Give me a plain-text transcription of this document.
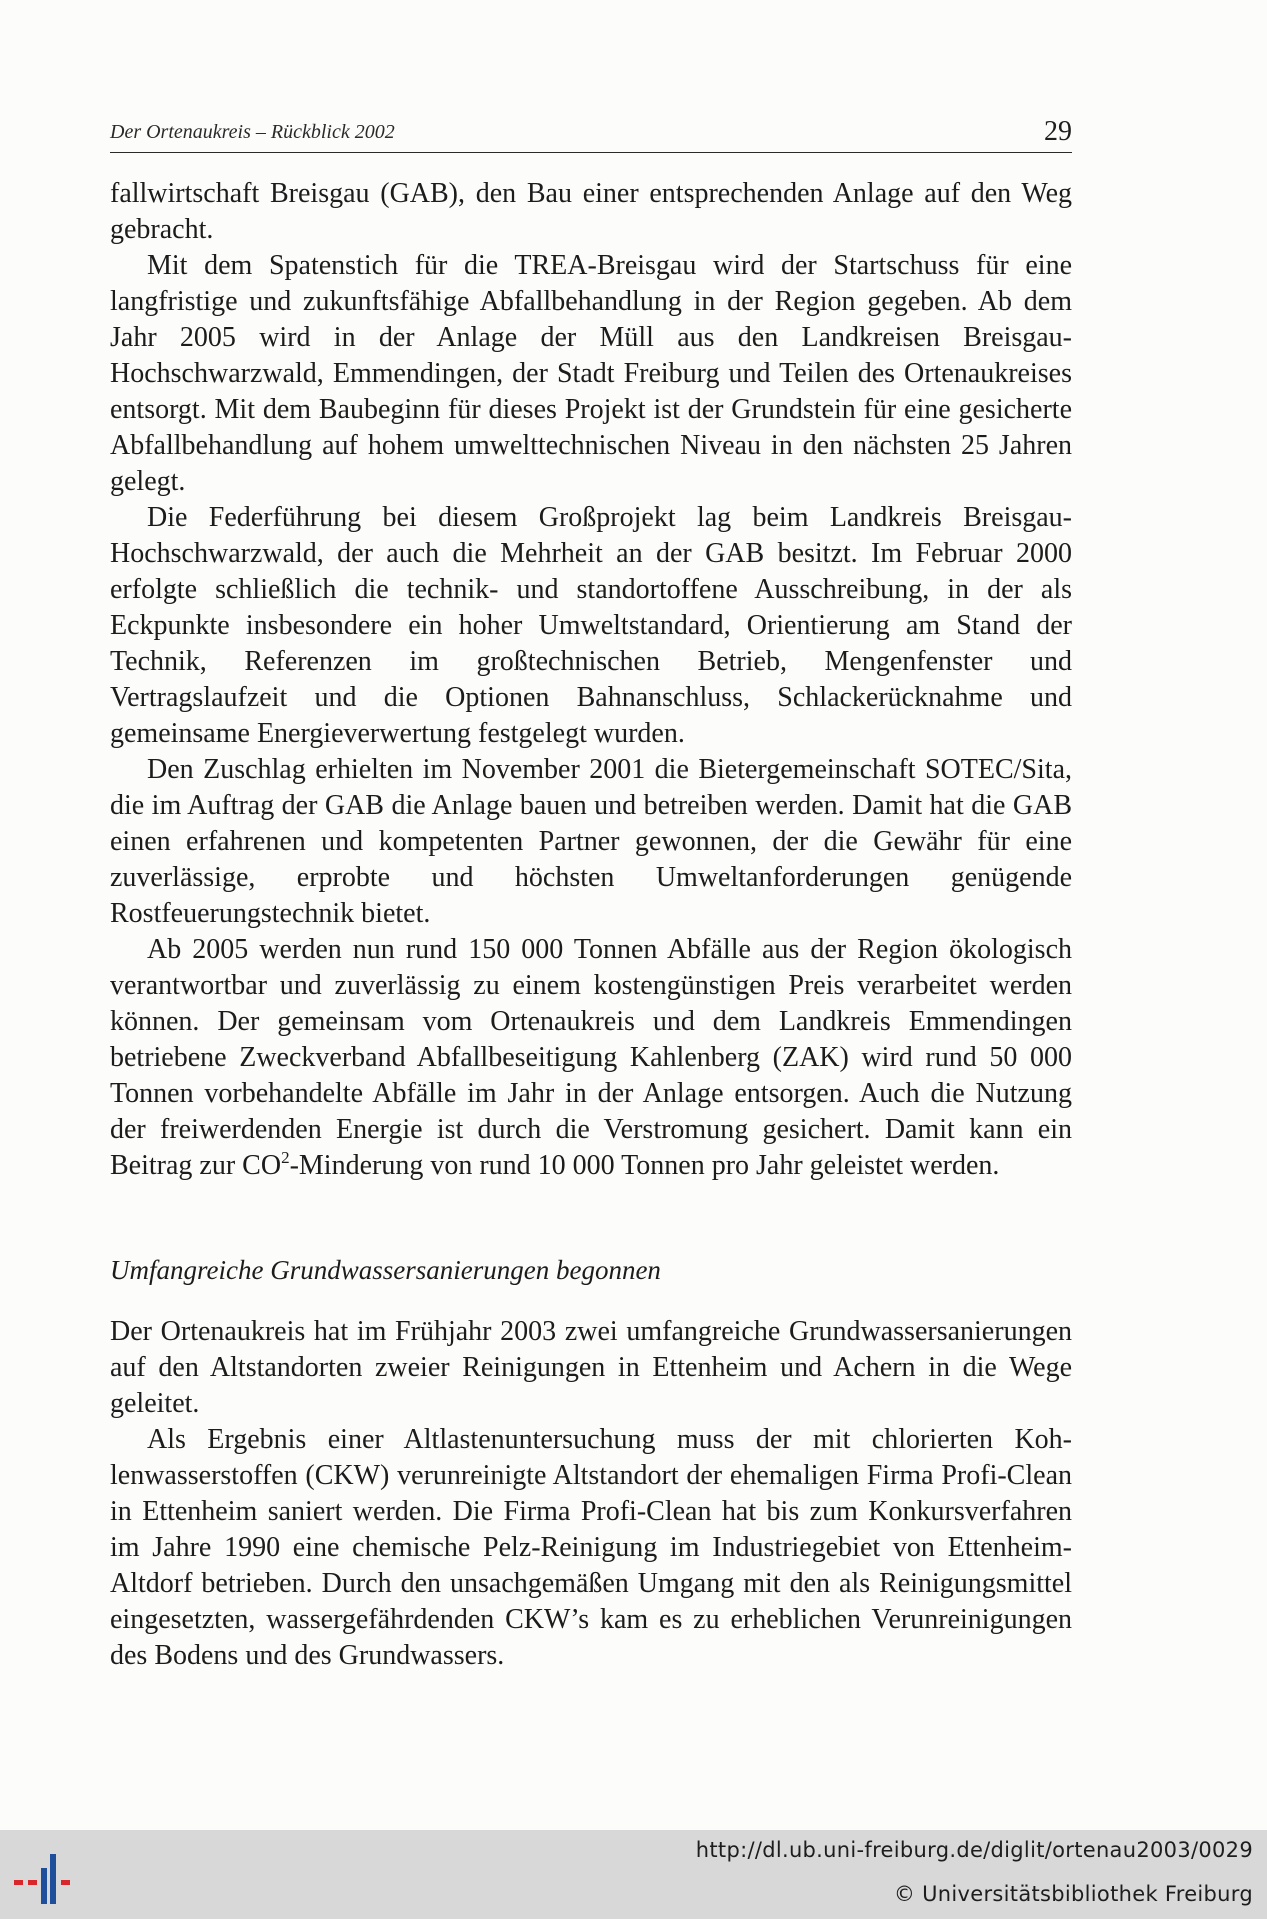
Der Ortenaukreis – Rückblick 2002	29

fallwirtschaft Breisgau (GAB), den Bau einer entsprechenden Anlage auf den Weg gebracht.

Mit dem Spatenstich für die TREA-Breisgau wird der Startschuss für eine langfristige und zukunftsfähige Abfallbehandlung in der Region gegeben. Ab dem Jahr 2005 wird in der Anlage der Müll aus den Landkreisen Breisgau-Hochschwarzwald, Emmendingen, der Stadt Freiburg und Teilen des Ortenaukreises entsorgt. Mit dem Baubeginn für dieses Projekt ist der Grundstein für eine gesicherte Abfallbehandlung auf hohem umwelttechnischen Niveau in den nächsten 25 Jahren gelegt.

Die Federführung bei diesem Großprojekt lag beim Landkreis Breisgau-Hochschwarzwald, der auch die Mehrheit an der GAB besitzt. Im Februar 2000 erfolgte schließlich die technik- und standortoffene Ausschreibung, in der als Eckpunkte insbesondere ein hoher Umweltstandard, Orientierung am Stand der Technik, Referenzen im großtechnischen Betrieb, Mengenfenster und Vertragslaufzeit und die Optionen Bahnanschluss, Schlackerücknahme und gemeinsame Energieverwertung festgelegt wurden.

Den Zuschlag erhielten im November 2001 die Bietergemeinschaft SOTEC/Sita, die im Auftrag der GAB die Anlage bauen und betreiben werden. Damit hat die GAB einen erfahrenen und kompetenten Partner gewonnen, der die Gewähr für eine zuverlässige, erprobte und höchsten Umweltanforderungen genügende Rostfeuerungstechnik bietet.

Ab 2005 werden nun rund 150 000 Tonnen Abfälle aus der Region ökologisch verantwortbar und zuverlässig zu einem kostengünstigen Preis verarbeitet werden können. Der gemeinsam vom Ortenaukreis und dem Landkreis Emmendingen betriebene Zweckverband Abfallbeseitigung Kahlenberg (ZAK) wird rund 50 000 Tonnen vorbehandelte Abfälle im Jahr in der Anlage entsorgen. Auch die Nutzung der freiwerdenden Energie ist durch die Verstromung gesichert. Damit kann ein Beitrag zur $CO^2$-Minderung von rund 10 000 Tonnen pro Jahr geleistet werden.

Umfangreiche Grundwassersanierungen begonnen

Der Ortenaukreis hat im Frühjahr 2003 zwei umfangreiche Grundwassersanierungen auf den Altstandorten zweier Reinigungen in Ettenheim und Achern in die Wege geleitet.

Als Ergebnis einer Altlastenuntersuchung muss der mit chlorierten Kohlenwasserstoffen (CKW) verunreinigte Altstandort der ehemaligen Firma Profi-Clean in Ettenheim saniert werden. Die Firma Profi-Clean hat bis zum Konkursverfahren im Jahre 1990 eine chemische Pelz-Reinigung im Industriegebiet von Ettenheim-Altdorf betrieben. Durch den unsachgemäßen Umgang mit den als Reinigungsmittel eingesetzten, wassergefährdenden CKW’s kam es zu erheblichen Verunreinigungen des Bodens und des Grundwassers.

http://dl.ub.uni-freiburg.de/diglit/ortenau2003/0029
© Universitätsbibliothek Freiburg
